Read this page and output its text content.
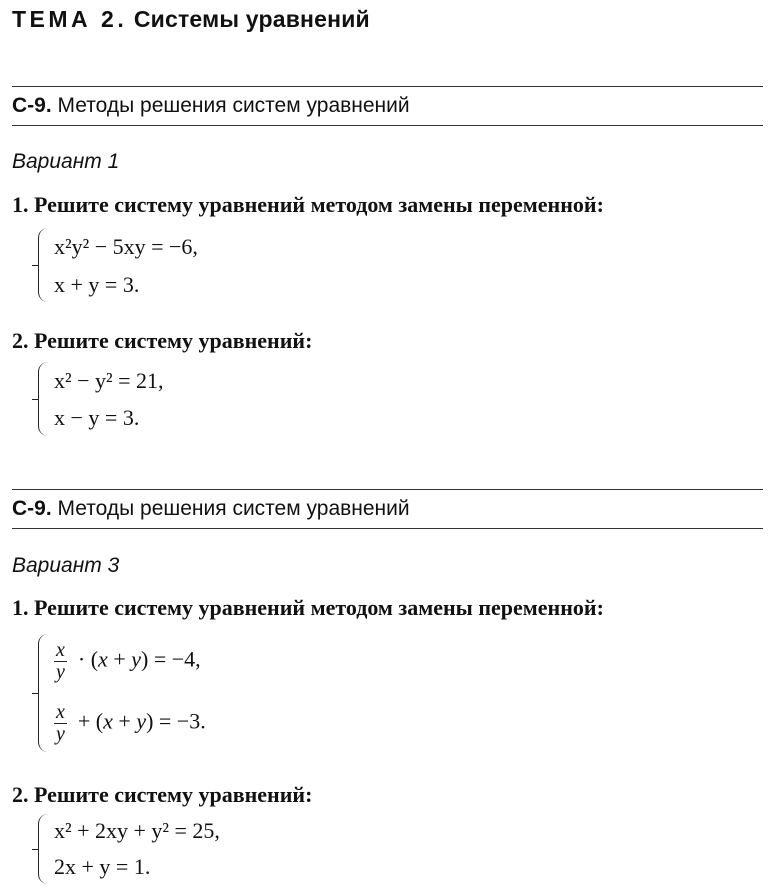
ТЕМА 2. Системы уравнений
С-9. Методы решения систем уравнений
Вариант 1
1. Решите систему уравнений методом замены переменной:
x²y² − 5xy = −6,
x + y = 3.
2. Решите систему уравнений:
x² − y² = 21,
x − y = 3.
С-9. Методы решения систем уравнений
Вариант 3
1. Решите систему уравнений методом замены переменной:
$\frac{x}{y} \cdot (x + y) = -4$,
$\frac{x}{y} + (x + y) = -3$.
2. Решите систему уравнений:
x² + 2xy + y² = 25,
2x + y = 1.
